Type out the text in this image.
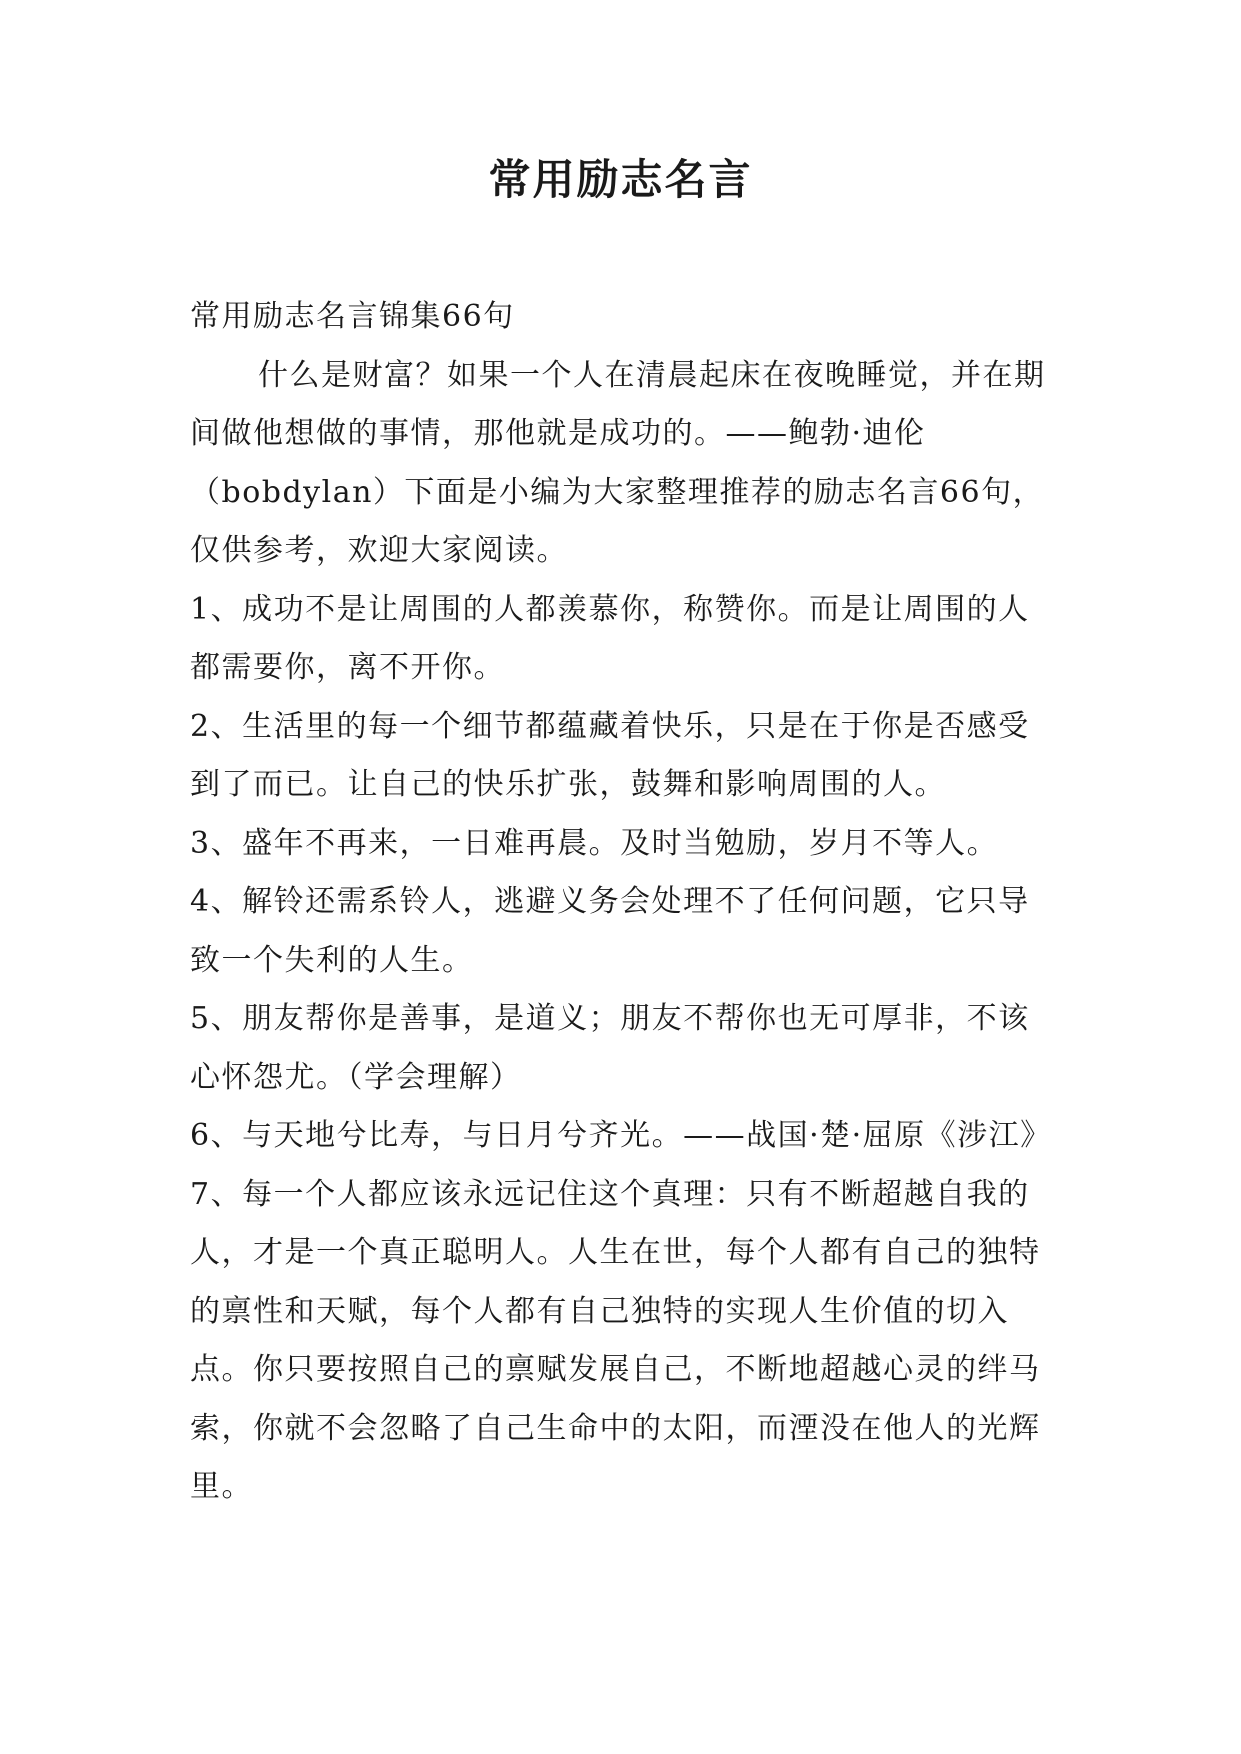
常用励志名言

常用励志名言锦集66句

什么是财富？如果一个人在清晨起床在夜晚睡觉，并在期间做他想做的事情，那他就是成功的。——鲍勃·迪伦（bobdylan）下面是小编为大家整理推荐的励志名言66句，仅供参考，欢迎大家阅读。

1、成功不是让周围的人都羡慕你，称赞你。而是让周围的人都需要你，离不开你。

2、生活里的每一个细节都蕴藏着快乐，只是在于你是否感受到了而已。让自己的快乐扩张，鼓舞和影响周围的人。

3、盛年不再来，一日难再晨。及时当勉励，岁月不等人。

4、解铃还需系铃人，逃避义务会处理不了任何问题，它只导致一个失利的人生。

5、朋友帮你是善事，是道义；朋友不帮你也无可厚非，不该心怀怨尤。（学会理解）

6、与天地兮比寿，与日月兮齐光。——战国·楚·屈原《涉江》

7、每一个人都应该永远记住这个真理：只有不断超越自我的人，才是一个真正聪明人。人生在世，每个人都有自己的独特的禀性和天赋，每个人都有自己独特的实现人生价值的切入点。你只要按照自己的禀赋发展自己，不断地超越心灵的绊马索，你就不会忽略了自己生命中的太阳，而湮没在他人的光辉里。
